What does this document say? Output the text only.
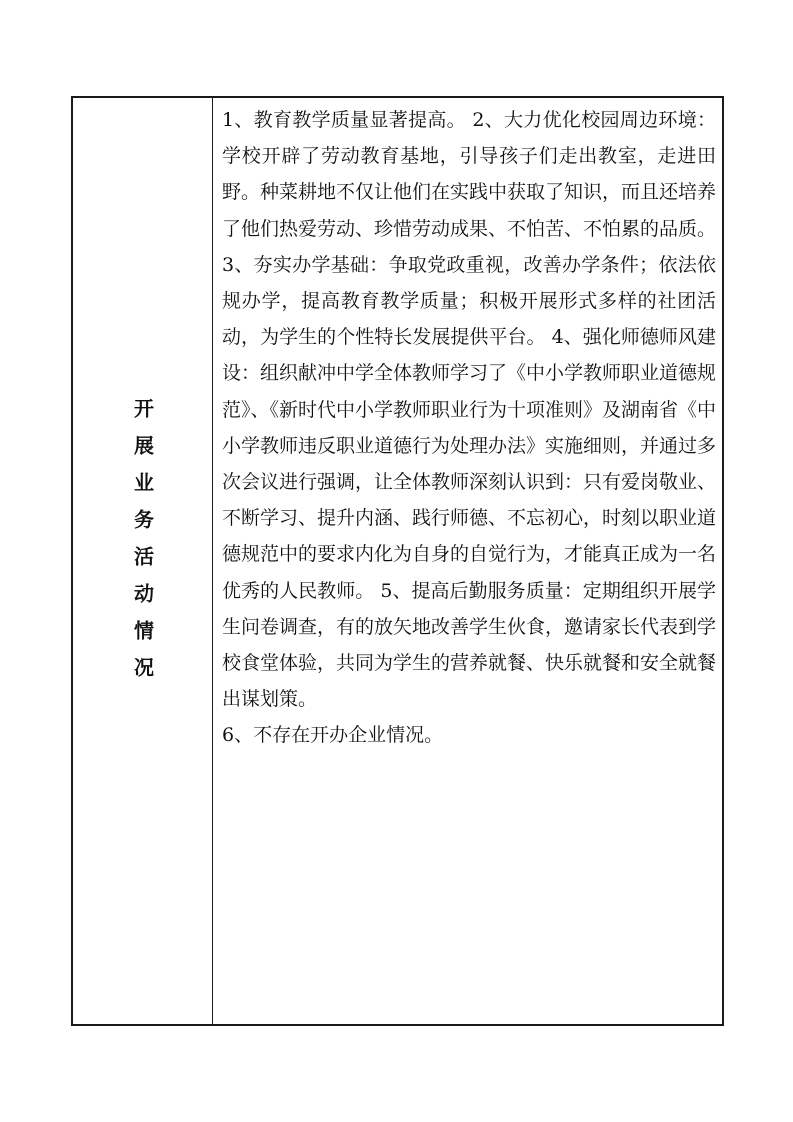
开展业务活动情况

1、教育教学质量显著提高。 2、大力优化校园周边环境：学校开辟了劳动教育基地，引导孩子们走出教室，走进田野。种菜耕地不仅让他们在实践中获取了知识，而且还培养了他们热爱劳动、珍惜劳动成果、不怕苦、不怕累的品质。 3、夯实办学基础：争取党政重视，改善办学条件；依法依规办学，提高教育教学质量；积极开展形式多样的社团活动，为学生的个性特长发展提供平台。 4、强化师德师风建设：组织献冲中学全体教师学习了《中小学教师职业道德规范》、《新时代中小学教师职业行为十项准则》及湖南省《中小学教师违反职业道德行为处理办法》实施细则，并通过多次会议进行强调，让全体教师深刻认识到：只有爱岗敬业、不断学习、提升内涵、践行师德、不忘初心，时刻以职业道德规范中的要求内化为自身的自觉行为，才能真正成为一名优秀的人民教师。 5、提高后勤服务质量：定期组织开展学生问卷调查，有的放矢地改善学生伙食，邀请家长代表到学校食堂体验，共同为学生的营养就餐、快乐就餐和安全就餐出谋划策。

6、不存在开办企业情况。
